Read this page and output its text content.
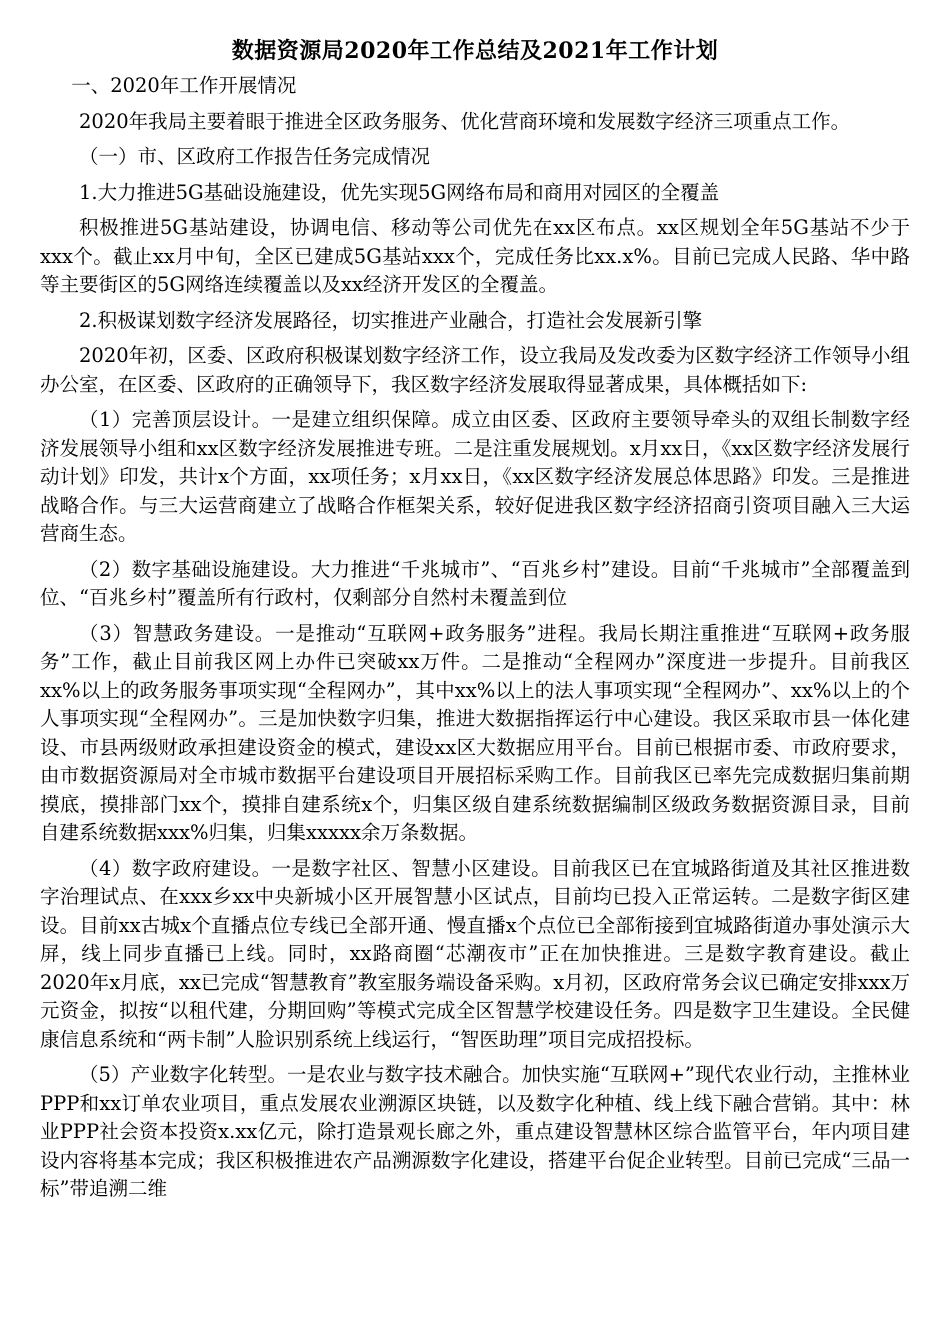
数据资源局2020年工作总结及2021年工作计划
一、2020年工作开展情况
2020年我局主要着眼于推进全区政务服务、优化营商环境和发展数字经济三项重点工作。
（一）市、区政府工作报告任务完成情况
1.大力推进5G基础设施建设，优先实现5G网络布局和商用对园区的全覆盖
积极推进5G基站建设，协调电信、移动等公司优先在xx区布点。xx区规划全年5G基站不少于xxx个。截止xx月中旬，全区已建成5G基站xxx个，完成任务比xx.x%。目前已完成人民路、华中路等主要街区的5G网络连续覆盖以及xx经济开发区的全覆盖。
2.积极谋划数字经济发展路径，切实推进产业融合，打造社会发展新引擎
2020年初，区委、区政府积极谋划数字经济工作，设立我局及发改委为区数字经济工作领导小组办公室，在区委、区政府的正确领导下，我区数字经济发展取得显著成果，具体概括如下:
（1）完善顶层设计。一是建立组织保障。成立由区委、区政府主要领导牵头的双组长制数字经济发展领导小组和xx区数字经济发展推进专班。二是注重发展规划。x月xx日，《xx区数字经济发展行动计划》印发，共计x个方面，xx项任务；x月xx日，《xx区数字经济发展总体思路》印发。三是推进战略合作。与三大运营商建立了战略合作框架关系，较好促进我区数字经济招商引资项目融入三大运营商生态。
（2）数字基础设施建设。大力推进“千兆城市”、“百兆乡村”建设。目前“千兆城市”全部覆盖到位、“百兆乡村”覆盖所有行政村，仅剩部分自然村未覆盖到位
（3）智慧政务建设。一是推动“互联网+政务服务”进程。我局长期注重推进“互联网+政务服务”工作，截止目前我区网上办件已突破xx万件。二是推动“全程网办”深度进一步提升。目前我区xx%以上的政务服务事项实现“全程网办”，其中xx%以上的法人事项实现“全程网办”、xx%以上的个人事项实现“全程网办”。三是加快数字归集，推进大数据指挥运行中心建设。我区采取市县一体化建设、市县两级财政承担建设资金的模式，建设xx区大数据应用平台。目前已根据市委、市政府要求，由市数据资源局对全市城市数据平台建设项目开展招标采购工作。目前我区已率先完成数据归集前期摸底，摸排部门xx个，摸排自建系统x个，归集区级自建系统数据编制区级政务数据资源目录，目前自建系统数据xxx%归集，归集xxxxx余万条数据。
（4）数字政府建设。一是数字社区、智慧小区建设。目前我区已在宜城路街道及其社区推进数字治理试点、在xxx乡xx中央新城小区开展智慧小区试点，目前均已投入正常运转。二是数字街区建设。目前xx古城x个直播点位专线已全部开通、慢直播x个点位已全部衔接到宜城路街道办事处演示大屏，线上同步直播已上线。同时，xx路商圈“芯潮夜市”正在加快推进。三是数字教育建设。截止2020年x月底，xx已完成“智慧教育”教室服务端设备采购。x月初，区政府常务会议已确定安排xxx万元资金，拟按“以租代建，分期回购”等模式完成全区智慧学校建设任务。四是数字卫生建设。全民健康信息系统和“两卡制”人脸识别系统上线运行，“智医助理”项目完成招投标。
（5）产业数字化转型。一是农业与数字技术融合。加快实施“互联网+”现代农业行动，主推林业PPP和xx订单农业项目，重点发展农业溯源区块链，以及数字化种植、线上线下融合营销。其中：林业PPP社会资本投资x.xx亿元，除打造景观长廊之外，重点建设智慧林区综合监管平台，年内项目建设内容将基本完成；我区积极推进农产品溯源数字化建设，搭建平台促企业转型。目前已完成“三品一标”带追溯二维
